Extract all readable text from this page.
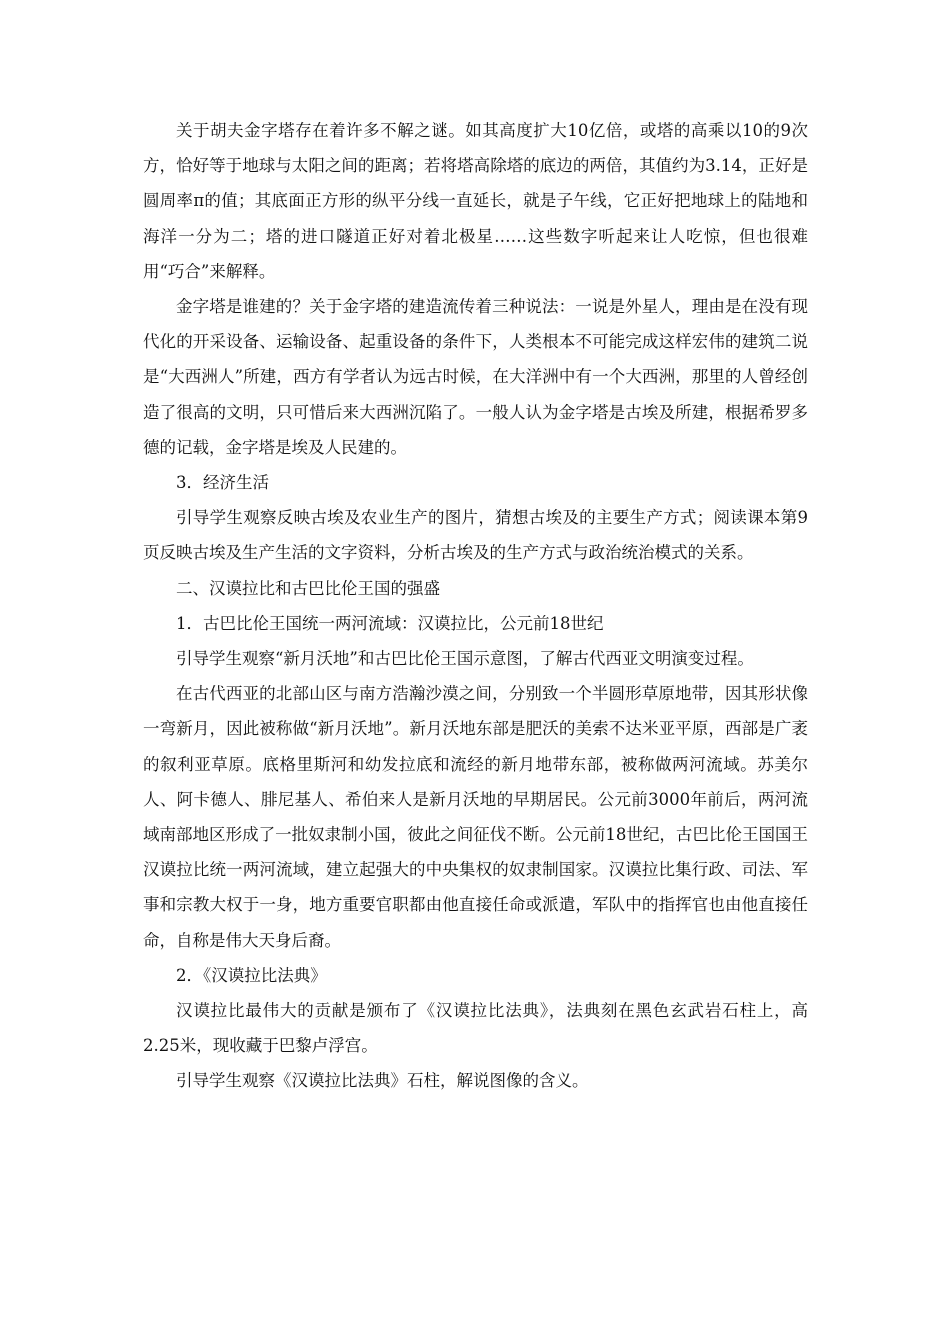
关于胡夫金字塔存在着许多不解之谜。如其高度扩大10亿倍，或塔的高乘以10的9次方，恰好等于地球与太阳之间的距离；若将塔高除塔的底边的两倍，其值约为3.14，正好是圆周率π的值；其底面正方形的纵平分线一直延长，就是子午线，它正好把地球上的陆地和海洋一分为二；塔的进口隧道正好对着北极星……这些数字听起来让人吃惊，但也很难用“巧合”来解释。

金字塔是谁建的？关于金字塔的建造流传着三种说法：一说是外星人，理由是在没有现代化的开采设备、运输设备、起重设备的条件下，人类根本不可能完成这样宏伟的建筑二说是“大西洲人”所建，西方有学者认为远古时候，在大洋洲中有一个大西洲，那里的人曾经创造了很高的文明，只可惜后来大西洲沉陷了。一般人认为金字塔是古埃及所建，根据希罗多德的记载，金字塔是埃及人民建的。

3．经济生活

引导学生观察反映古埃及农业生产的图片，猜想古埃及的主要生产方式；阅读课本第9页反映古埃及生产生活的文字资料，分析古埃及的生产方式与政治统治模式的关系。

二、汉谟拉比和古巴比伦王国的强盛

1．古巴比伦王国统一两河流域：汉谟拉比，公元前18世纪

引导学生观察“新月沃地”和古巴比伦王国示意图，了解古代西亚文明演变过程。

在古代西亚的北部山区与南方浩瀚沙漠之间，分别致一个半圆形草原地带，因其形状像一弯新月，因此被称做“新月沃地”。新月沃地东部是肥沃的美索不达米亚平原，西部是广袤的叙利亚草原。底格里斯河和幼发拉底和流经的新月地带东部，被称做两河流域。苏美尔人、阿卡德人、腓尼基人、希伯来人是新月沃地的早期居民。公元前3000年前后，两河流域南部地区形成了一批奴隶制小国，彼此之间征伐不断。公元前18世纪，古巴比伦王国国王汉谟拉比统一两河流域，建立起强大的中央集权的奴隶制国家。汉谟拉比集行政、司法、军事和宗教大权于一身，地方重要官职都由他直接任命或派遣，军队中的指挥官也由他直接任命，自称是伟大天身后裔。

2．《汉谟拉比法典》

汉谟拉比最伟大的贡献是颁布了《汉谟拉比法典》，法典刻在黑色玄武岩石柱上，高2.25米，现收藏于巴黎卢浮宫。

引导学生观察《汉谟拉比法典》石柱，解说图像的含义。
